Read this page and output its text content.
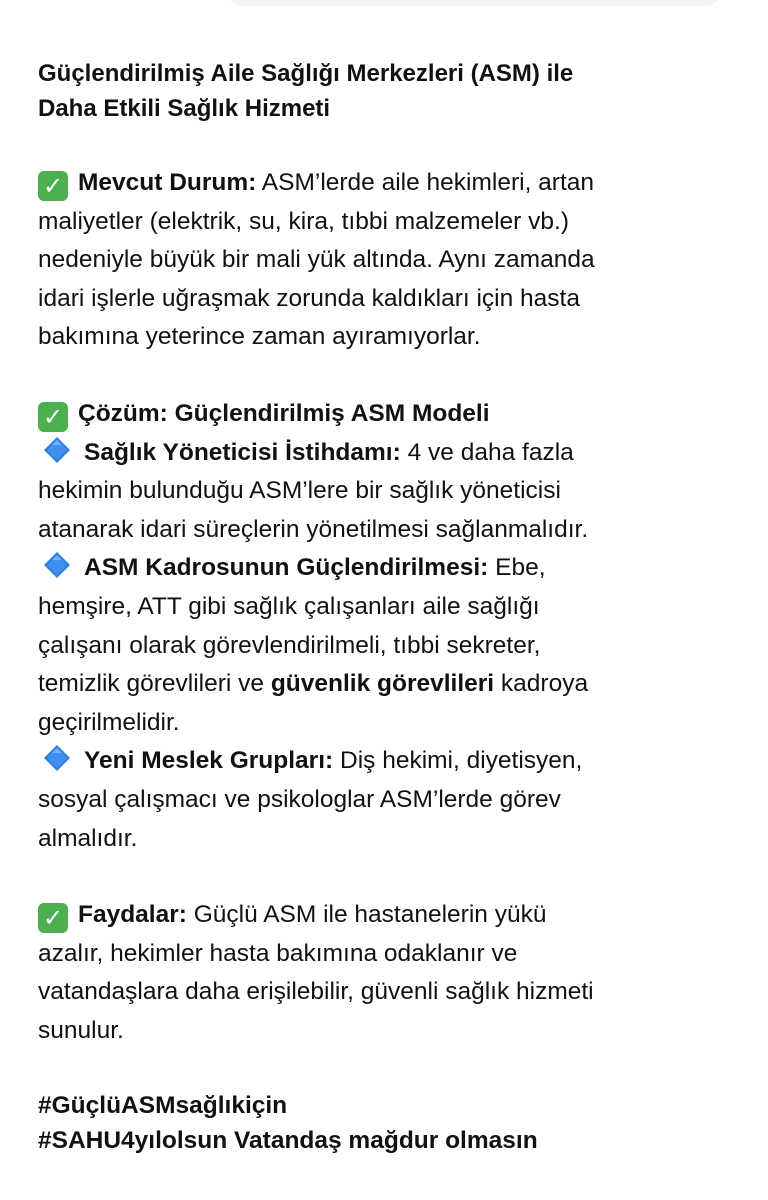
Güçlendirilmiş Aile Sağlığı Merkezleri (ASM) ile
Daha Etkili Sağlık Hizmeti

✓ Mevcut Durum: ASM’lerde aile hekimleri, artan
maliyetler (elektrik, su, kira, tıbbi malzemeler vb.)
nedeniyle büyük bir mali yük altında. Aynı zamanda
idari işlerle uğraşmak zorunda kaldıkları için hasta
bakımına yeterince zaman ayıramıyorlar.

✓ Çözüm: Güçlendirilmiş ASM Modeli
Sağlık Yöneticisi İstihdamı: 4 ve daha fazla
hekimin bulunduğu ASM’lere bir sağlık yöneticisi
atanarak idari süreçlerin yönetilmesi sağlanmalıdır.
ASM Kadrosunun Güçlendirilmesi: Ebe,
hemşire, ATT gibi sağlık çalışanları aile sağlığı
çalışanı olarak görevlendirilmeli, tıbbi sekreter,
temizlik görevlileri ve güvenlik görevlileri kadroya
geçirilmelidir.
Yeni Meslek Grupları: Diş hekimi, diyetisyen,
sosyal çalışmacı ve psikologlar ASM’lerde görev
almalıdır.

✓ Faydalar: Güçlü ASM ile hastanelerin yükü
azalır, hekimler hasta bakımına odaklanır ve
vatandaşlara daha erişilebilir, güvenli sağlık hizmeti
sunulur.

#GüçlüASMsağlıkiçin
#SAHU4yılolsun Vatandaş mağdur olmasın
